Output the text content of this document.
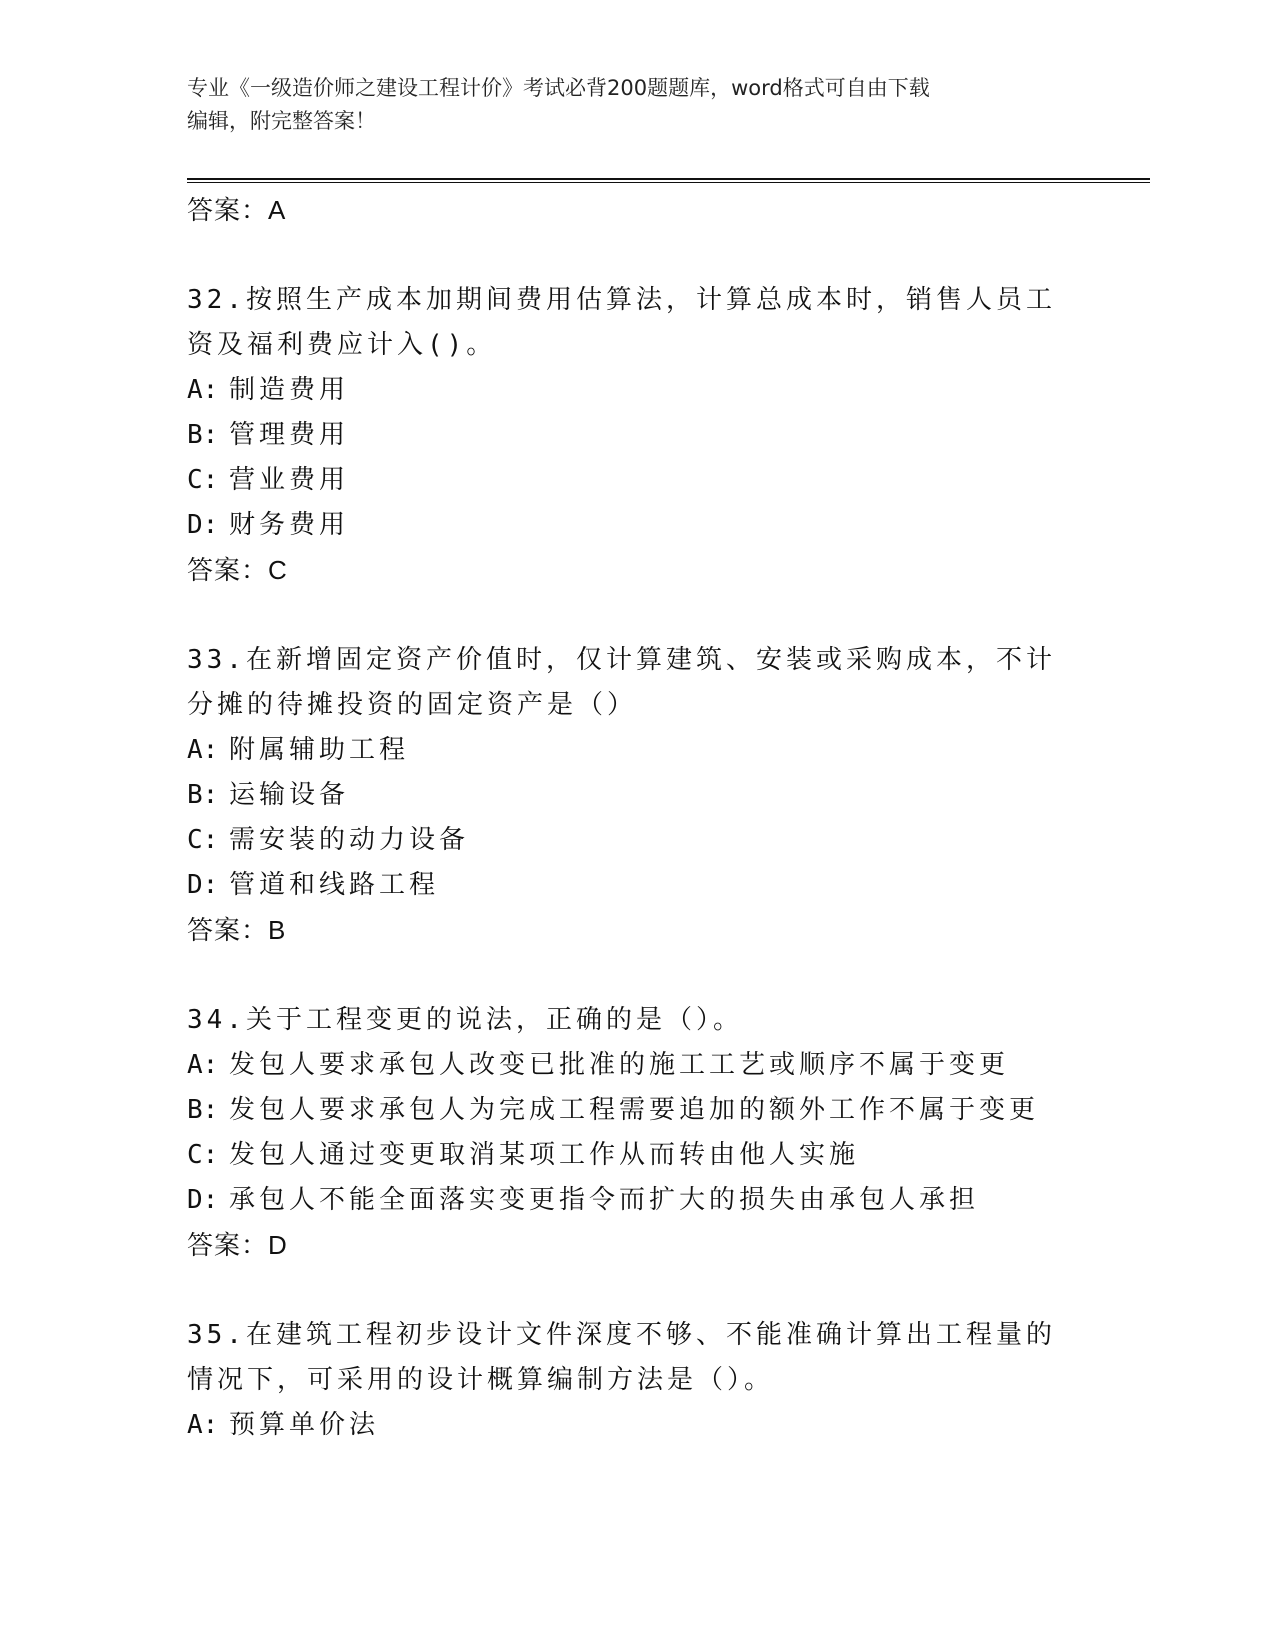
专业《一级造价师之建设工程计价》考试必背200题题库，word格式可自由下载
编辑，附完整答案！
答案：A
32.按照生产成本加期间费用估算法，计算总成本时，销售人员工资及福利费应计入()。
A: 制造费用
B: 管理费用
C: 营业费用
D: 财务费用
答案：C
33.在新增固定资产价值时，仅计算建筑、安装或采购成本，不计分摊的待摊投资的固定资产是（）
A: 附属辅助工程
B: 运输设备
C: 需安装的动力设备
D: 管道和线路工程
答案：B
34.关于工程变更的说法，正确的是（）。
A: 发包人要求承包人改变已批准的施工工艺或顺序不属于变更
B: 发包人要求承包人为完成工程需要追加的额外工作不属于变更
C: 发包人通过变更取消某项工作从而转由他人实施
D: 承包人不能全面落实变更指令而扩大的损失由承包人承担
答案：D
35.在建筑工程初步设计文件深度不够、不能准确计算出工程量的情况下，可采用的设计概算编制方法是（）。
A: 预算单价法
